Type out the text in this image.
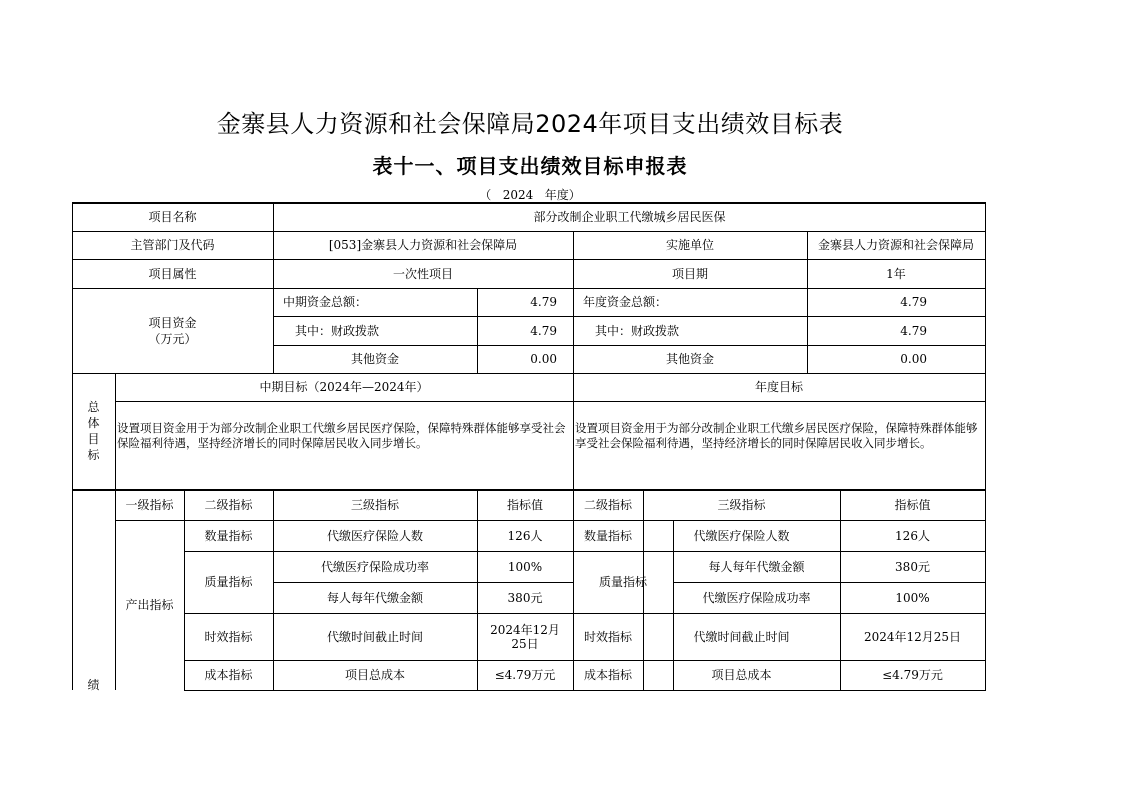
金寨县人力资源和社会保障局2024年项目支出绩效目标表
表十一、项目支出绩效目标申报表
（   2024   年度）
项目名称	部分改制企业职工代缴城乡居民医保
主管部门及代码	[053]金寨县人力资源和社会保障局	实施单位	金寨县人力资源和社会保障局
项目属性	一次性项目	项目期	1年
项目资金
（万元）
中期资金总额：	4.79	年度资金总额：	4.79
其中：财政拨款	4.79	其中：财政拨款	4.79
其他资金	0.00	其他资金	0.00
总
体
目
标
中期目标（2024年—2024年）	年度目标
设置项目资金用于为部分改制企业职工代缴乡居民医疗保险，保障特殊群体能够享受社会保险福利待遇，坚持经济增长的同时保障居民收入同步增长。
设置项目资金用于为部分改制企业职工代缴乡居民医疗保险，保障特殊群体能够享受社会保险福利待遇，坚持经济增长的同时保障居民收入同步增长。
绩
一级指标	二级指标	三级指标	指标值	二级指标	三级指标	指标值
产出指标
数量指标	代缴医疗保险人数	126人	数量指标	代缴医疗保险人数	126人
质量指标
代缴医疗保险成功率	100%
每人每年代缴金额	380元
质量指标
每人每年代缴金额	380元
代缴医疗保险成功率	100%
时效指标	代缴时间截止时间	2024年12月25日	时效指标	代缴时间截止时间	2024年12月25日
成本指标	项目总成本	≤4.79万元	成本指标	项目总成本	≤4.79万元
